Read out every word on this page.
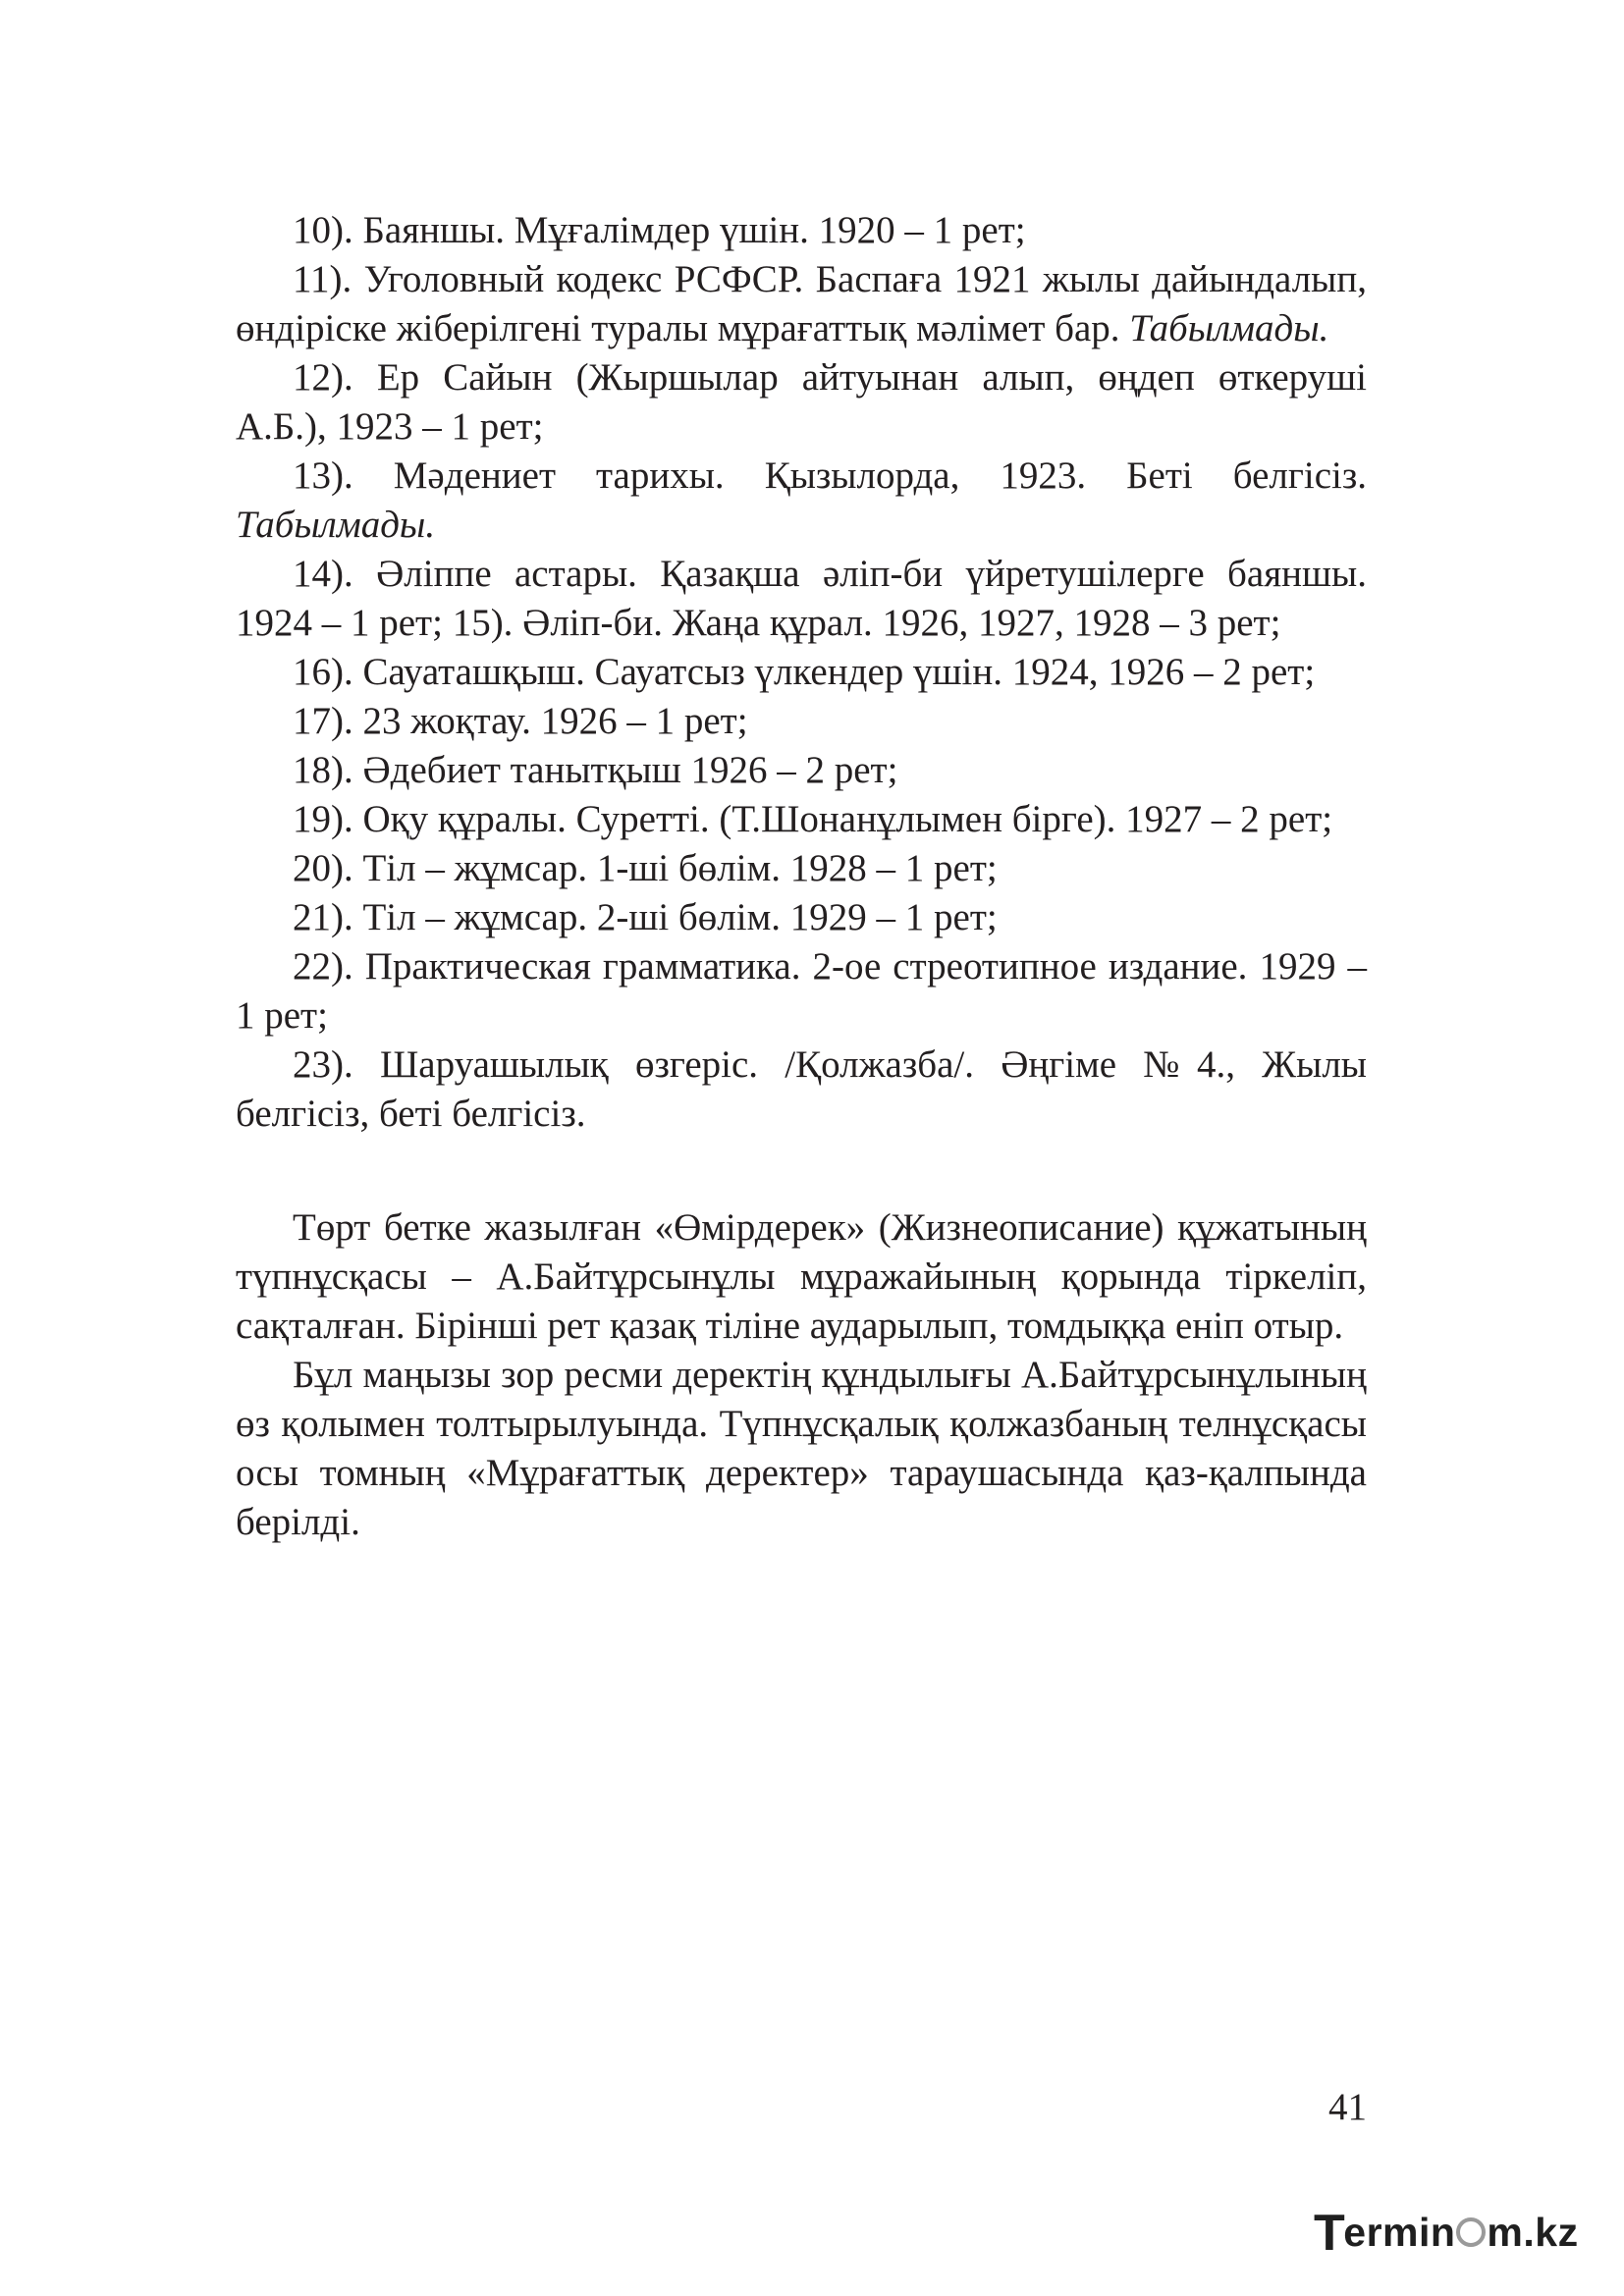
10). Баяншы. Мұғалімдер үшін. 1920 – 1 рет;

11). Уголовный кодекс РСФСР. Баспаға 1921 жылы дайындалып, өндіріске жіберілгені туралы мұрағаттық мәлімет бар. Табылмады.

12). Ер Сайын (Жыршылар айтуынан алып, өңдеп өткеруші А.Б.), 1923 – 1 рет;

13). Мәдениет тарихы. Қызылорда, 1923. Беті белгісіз. Табылмады.

14). Әліппе астары. Қазақша әліп-би үйретушілерге баяншы. 1924 – 1 рет; 15). Әліп-би. Жаңа құрал. 1926, 1927, 1928 – 3 рет;

16). Сауаташқыш. Сауатсыз үлкендер үшін. 1924, 1926 – 2 рет;

17). 23 жоқтау. 1926 – 1 рет;

18). Әдебиет танытқыш 1926 – 2 рет;

19). Оқу құралы. Суретті. (Т.Шонанұлымен бірге). 1927 – 2 рет;

20). Тіл – жұмсар. 1-ші бөлім. 1928 – 1 рет;

21). Тіл – жұмсар. 2-ші бөлім. 1929 – 1 рет;

22). Практическая грамматика. 2-ое стреотипное издание. 1929 – 1 рет;

23). Шаруашылық өзгеріс. /Қолжазба/. Әңгіме №4., Жылы белгісіз, беті белгісіз.

Төрт бетке жазылған «Өмірдерек» (Жизнеописание) құжатының түпнұсқасы – А.Байтұрсынұлы мұражайының қорында тіркеліп, сақталған. Бірінші рет қазақ тіліне аударылып, томдыққа еніп отыр.

Бұл маңызы зор ресми деректің құндылығы А.Байтұрсынұлының өз қолымен толтырылуында. Түпнұсқалық қолжазбаның телнұсқасы осы томның «Мұрағаттық деректер» тараушасында қаз-қалпында берілді.

41
Termin m.kz
